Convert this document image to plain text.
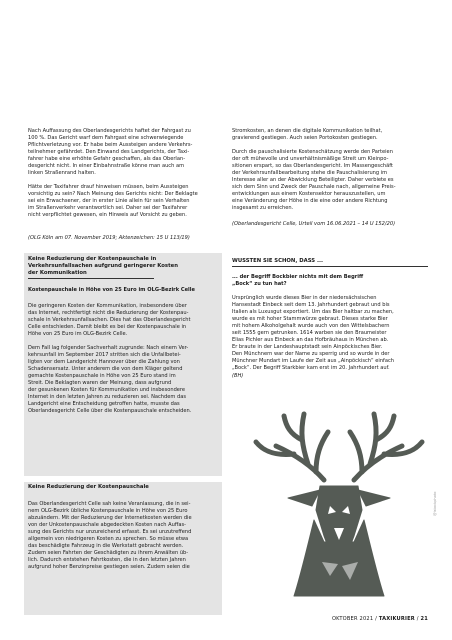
Nach Auffassung des Oberlandesgerichts haftet der Fahrgast zu
100 %. Das Gericht warf dem Fahrgast eine schwerwiegende
Pflichtverletzung vor. Er habe beim Aussteigen andere Verkehrs-
teilnehmer gefährdet. Den Einwand des Landgerichts, der Taxi-
fahrer habe eine erhöhte Gefahr geschaffen, als das Oberlan-
desgericht nicht. In einer Einbahnstraße könne man auch am
linken Straßenrand halten.

Hätte der Taxifahrer drauf hinweisen müssen, beim Aussteigen
vorsichtig zu sein? Nach Meinung des Gerichts nicht: Der Beklagte
sei ein Erwachsener, der in erster Linie allein für sein Verhalten
im Straßenverkehr verantwortlich sei. Daher sei der Taxifahrer
nicht verpflichtet gewesen, ein Hinweis auf Vorsicht zu geben.

(OLG Köln am 07. November 2019; Aktenzeichen: 15 U 113/19)

Stromkosten, an denen die digitale Kommunikation teilhat,
gravierend gestiegen. Auch seien Portokosten gestiegen.

Durch die pauschalisierte Kostenschätzung werde den Parteien
der oft mühevolle und unverhältnismäßige Streit um Kleinpo-
sitionen erspart, so das Oberlandesgericht. Im Massengeschäft
der Verkehrsunfallbearbeitung stehe die Pauschalisierung im
Interesse aller an der Abwicklung Beteiligter. Daher verbiete es
sich dem Sinn und Zweck der Pauschale nach, allgemeine Preis-
entwicklungen aus einem Kostensektor herauszustellen, um
eine Veränderung der Höhe in die eine oder andere Richtung
insgesamt zu erreichen.

(Oberlandesgericht Celle, Urteil vom 16.06.2021 – 14 U 152/20)

Keine Reduzierung der Kostenpauschale in
Verkehrsunfallsachen aufgrund geringerer Kosten
der Kommunikation

Kostenpauschale in Höhe von 25 Euro im OLG-Bezirk Celle

Die geringeren Kosten der Kommunikation, insbesondere über
das Internet, rechtfertigt nicht die Reduzierung der Kostenpau-
schale in Verkehrsunfallsachen. Dies hat das Oberlandesgericht
Celle entschieden. Damit bleibt es bei der Kostenpauschale in
Höhe von 25 Euro im OLG-Bezirk Celle.

Dem Fall lag folgender Sachverhalt zugrunde: Nach einem Ver-
kehrsunfall im September 2017 stritten sich die Unfallbetei-
ligten vor dem Landgericht Hannover über die Zahlung von
Schadensersatz. Unter anderem die von dem Kläger geltend
gemachte Kostenpauschale in Höhe von 25 Euro stand im
Streit. Die Beklagten waren der Meinung, dass aufgrund
der gesunkenen Kosten für Kommunikation und insbesondere
Internet in den letzten Jahren zu reduzieren sei. Nachdem das
Landgericht eine Entscheidung getroffen hatte, musste das
Oberlandesgericht Celle über die Kostenpauschale entscheiden.

Keine Reduzierung der Kostenpauschale

Das Oberlandesgericht Celle sah keine Veranlassung, die in sei-
nem OLG-Bezirk übliche Kostenpauschale in Höhe von 25 Euro
abzuändern. Mit der Reduzierung der Internetkosten werden die
von der Unkostenpauschale abgedeckten Kosten nach Auffas-
sung des Gerichts nur unzureichend erfasst. Es sei unzutreffend
allgemein von niedrigeren Kosten zu sprechen. So müsse etwa
das beschädigte Fahrzeug in die Werkstatt gebracht werden.
Zudem seien Fahrten der Geschädigten zu ihrem Anwälten üb-
lich. Dadurch entstehen Fahrtkosten, die in den letzten Jahren
aufgrund hoher Benzinpreise gestiegen seien. Zudem seien die

WUSSTEN SIE SCHON, DASS ...

... der Begriff Bockbier nichts mit dem Begriff
„Bock“ zu tun hat?

Ursprünglich wurde dieses Bier in der niedersächsischen
Hansestadt Einbeck seit dem 13. Jahrhundert gebraut und bis
Italien als Luxusgut exportiert. Um das Bier haltbar zu machen,
wurde es mit hoher Stammwürze gebraut. Dieses starke Bier
mit hohem Alkoholgehalt wurde auch von den Wittelsbachern
seit 1555 gern getrunken. 1614 warben sie den Braumeister
Elias Pichler aus Einbeck an das Hofbräuhaus in München ab.
Er braute in der Landeshauptstadt sein Ainpöckisches Bier.
Den Münchnern war der Name zu sperrig und so wurde in der
Münchner Mundart im Laufe der Zeit aus „Ainpöckisch“ einfach
„Bock“. Der Begriff Starkbier kam erst im 20. Jahrhundert auf.

(BH)

@istockphoto
OKTOBER 2021 / TAXIKURIER / 21
